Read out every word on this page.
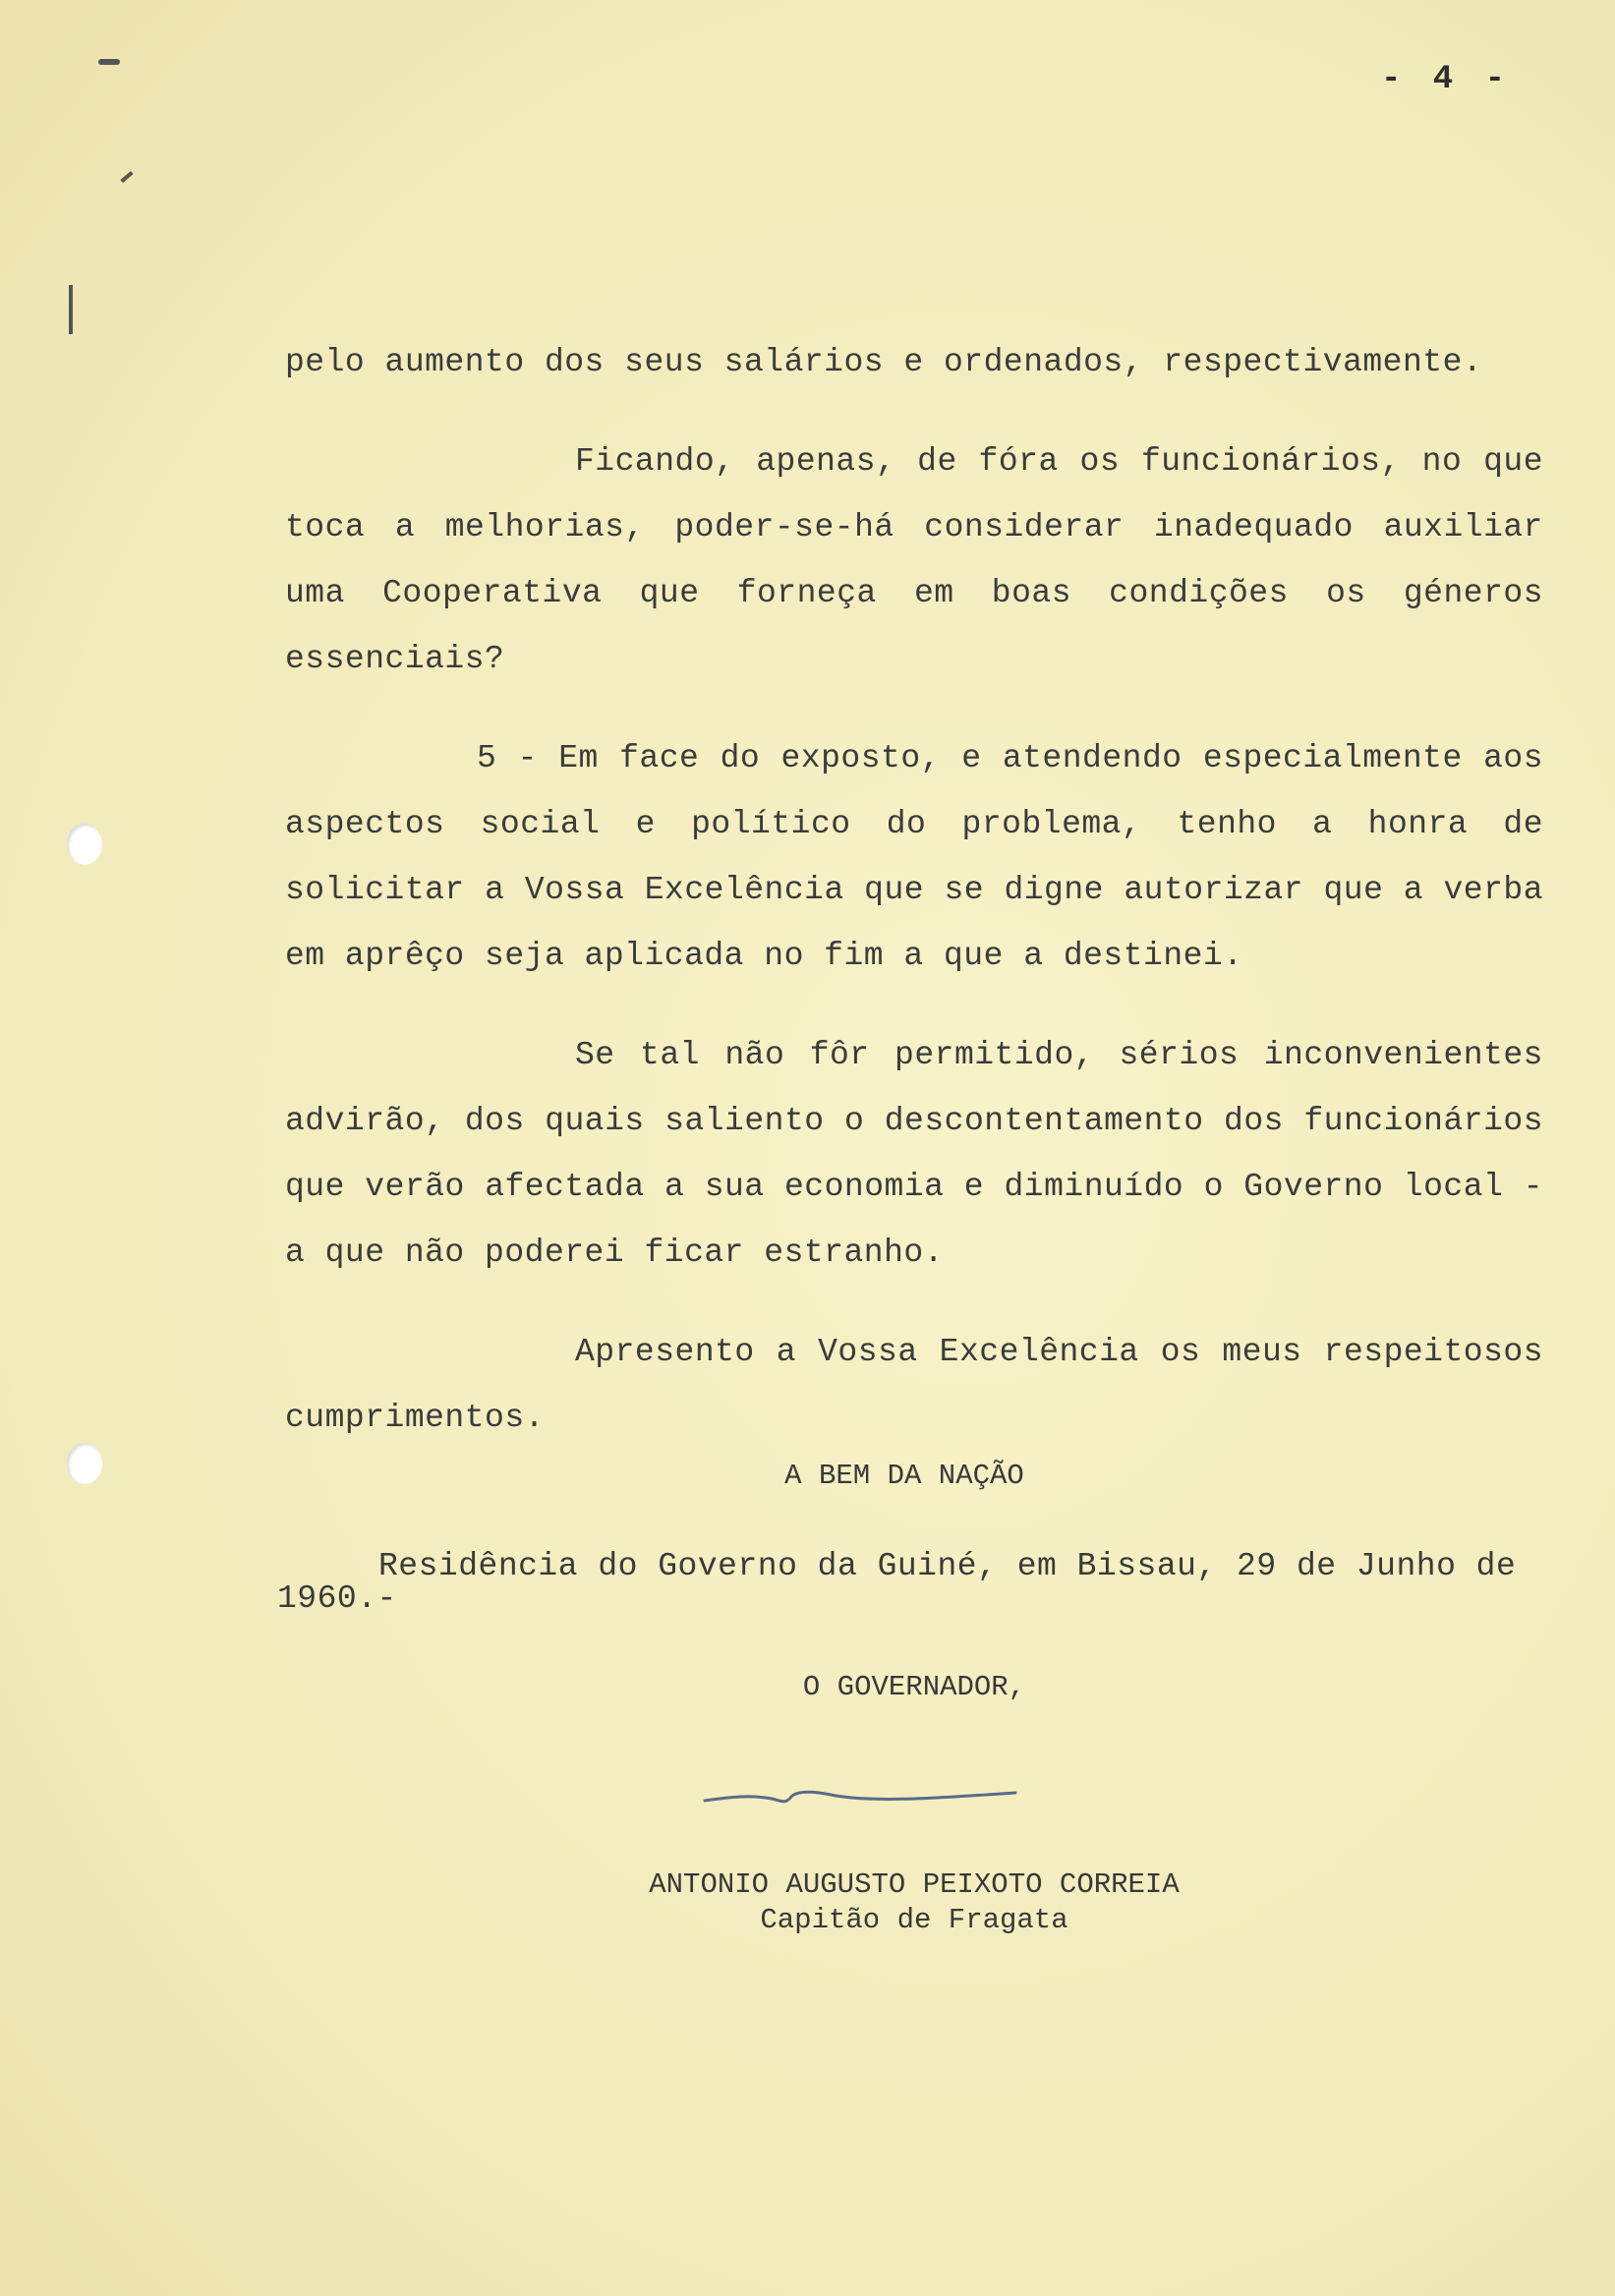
- 4 -

pelo aumento dos seus salários e ordenados, respectivamente.

Ficando, apenas, de fóra os funcionários, no que toca a melhorias, poder-se-há considerar inadequado auxiliar uma Cooperativa que forneça em boas condições os géneros essenciais?

5 - Em face do exposto, e atendendo especialmente aos aspectos social e político do problema, tenho a honra de solicitar a Vossa Excelência que se digne autorizar que a verba em aprêço seja aplicada no fim a que a destinei.

Se tal não fôr permitido, sérios inconvenientes advirão, dos quais saliento o descontentamento dos funcionários que verão afectada a sua economia e diminuído o Governo local - a que não poderei ficar estranho.

Apresento a Vossa Excelência os meus respeitosos cumprimentos.

A BEM DA NAÇÃO
Residência do Governo da Guiné, em Bissau, 29 de Junho de
1960.-
O GOVERNADOR,
ANTONIO AUGUSTO PEIXOTO CORREIA
Capitão de Fragata
